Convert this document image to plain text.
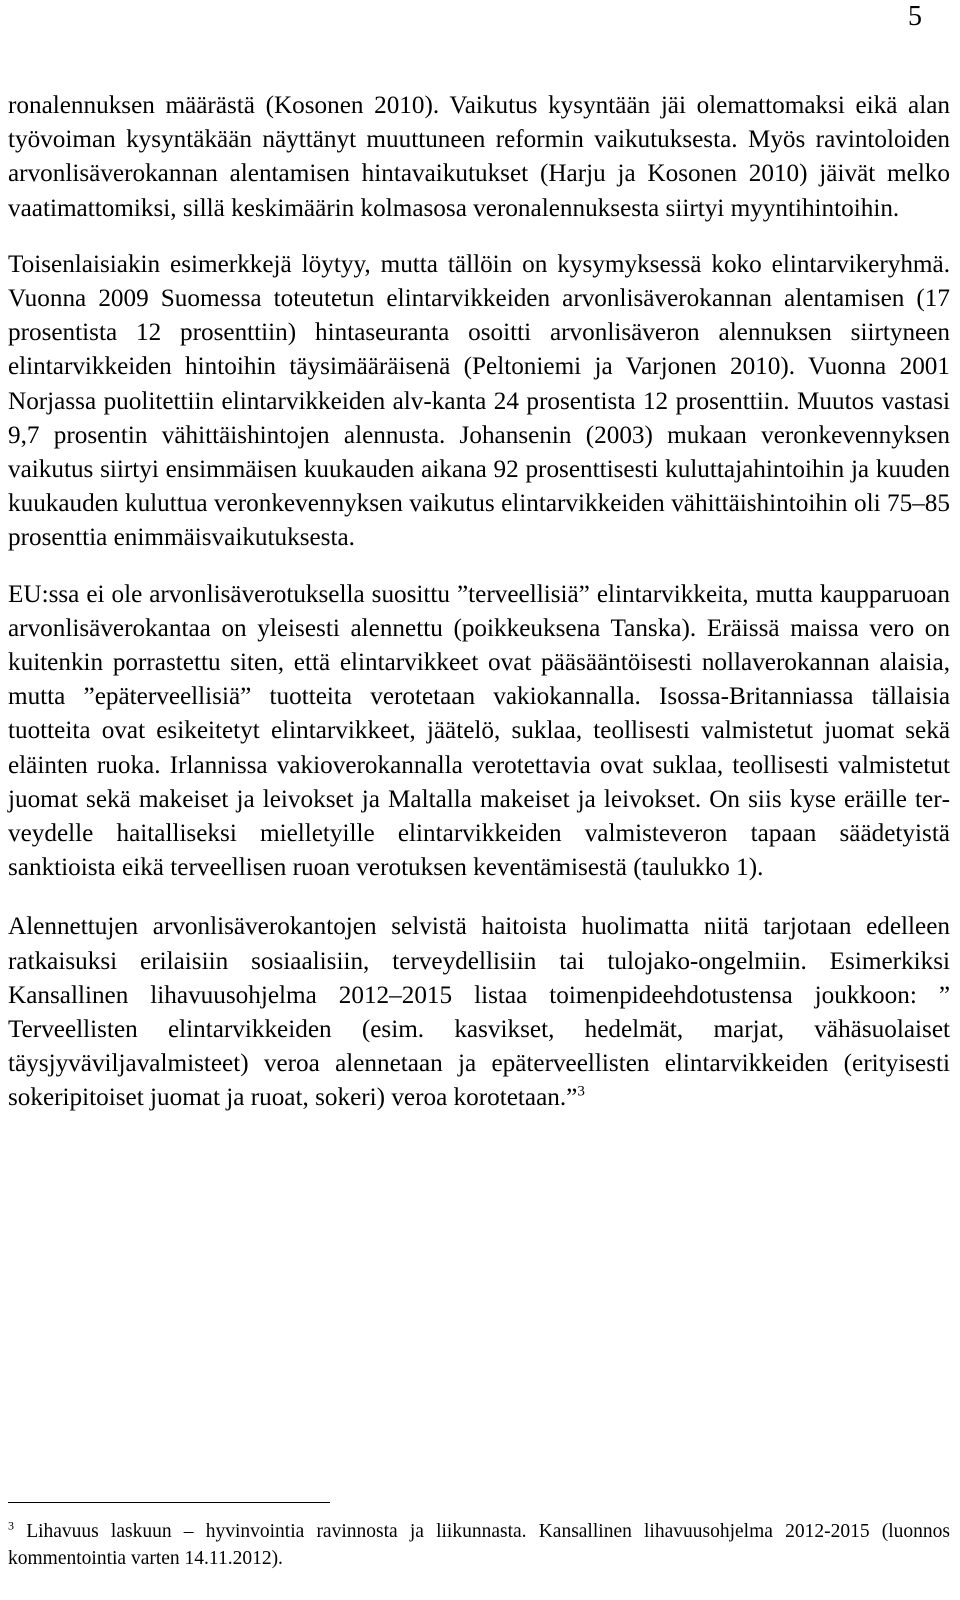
5

ronalennuksen määrästä (Kosonen 2010). Vaikutus kysyntään jäi olemattomaksi eikä alan työvoiman kysyntäkään näyttänyt muuttuneen reformin vaikutuksesta. Myös ravintoloiden arvonlisäverokannan alentamisen hintavaikutukset (Harju ja Kosonen 2010) jäivät melko vaatimattomiksi, sillä keskimäärin kolmasosa veronalennuksesta siirtyi myyntihintoihin.

Toisenlaisiakin esimerkkejä löytyy, mutta tällöin on kysymyksessä koko elintarvikeryhmä. Vuonna 2009 Suomessa toteutetun elintarvikkeiden arvonlisäverokannan alentamisen (17 prosentista 12 prosenttiin) hintaseuranta osoitti arvonlisäveron alennuksen siirtyneen elintarvikkeiden hintoihin täysimääräisenä (Peltoniemi ja Varjonen 2010). Vuonna 2001 Norjassa puolitettiin elintarvikkeiden alv-kanta 24 prosentista 12 prosenttiin. Muutos vastasi 9,7 prosentin vähittäishintojen alennusta. Johansenin (2003) mukaan veronkevennyksen vaikutus siirtyi ensimmäisen kuukauden aikana 92 prosenttisesti kuluttajahintoihin ja kuuden kuukauden kuluttua veronkevennyksen vaikutus elintarvikkeiden vähittäishintoihin oli 75–85 prosenttia enimmäisvaikutuksesta.

EU:ssa ei ole arvonlisäverotuksella suosittu ”terveellisiä” elintarvikkeita, mutta kaupparuoan arvonlisäverokantaa on yleisesti alennettu (poikkeuksena Tanska). Eräissä maissa vero on kuitenkin porrastettu siten, että elintarvikkeet ovat pääsääntöisesti nollaverokannan alaisia, mutta ”epäterveellisiä” tuotteita verotetaan vakiokannalla. Isossa-Britanniassa tällaisia tuotteita ovat esikeitetyt elintarvikkeet, jäätelö, suklaa, teollisesti valmistetut juomat sekä eläinten ruoka. Irlannissa vakioverokannalla verotettavia ovat suklaa, teollisesti valmistetut juomat sekä makeiset ja leivokset ja Maltalla makeiset ja leivokset. On siis kyse eräille terveydelle haitalliseksi mielletyille elintarvikkeiden valmisteveron tapaan säädetyistä sanktioista eikä terveellisen ruoan verotuksen keventämisestä (taulukko 1).

Alennettujen arvonlisäverokantojen selvistä haitoista huolimatta niitä tarjotaan edelleen ratkaisuksi erilaisiin sosiaalisiin, terveydellisiin tai tulojako-ongelmiin. Esimerkiksi Kansallinen lihavuusohjelma 2012–2015 listaa toimenpideehdotustensa joukkoon: ” Terveellisten elintarvikkeiden (esim. kasvikset, hedelmät, marjat, vähäsuolaiset täysjyväviljavalmisteet) veroa alennetaan ja epäterveellisten elintarvikkeiden (erityisesti sokeripitoiset juomat ja ruoat, sokeri) veroa korotetaan.”$^3$

$^3$ Lihavuus laskuun – hyvinvointia ravinnosta ja liikunnasta. Kansallinen lihavuusohjelma 2012-2015 (luonnos kommentointia varten 14.11.2012).
